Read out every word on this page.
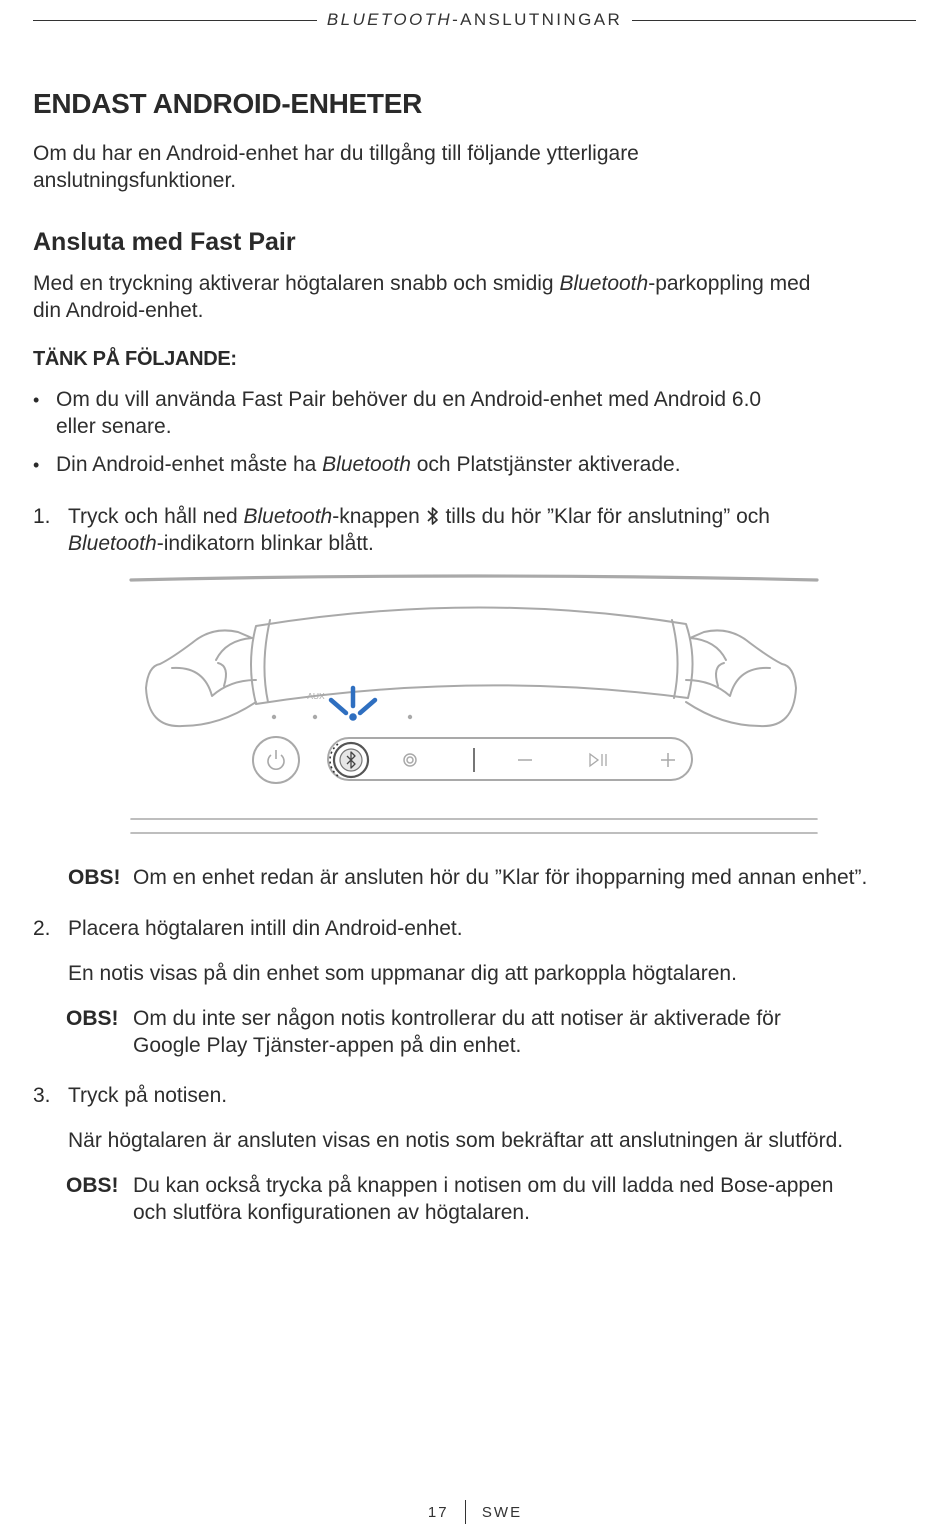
BLUETOOTH-ANSLUTNINGAR
ENDAST ANDROID-ENHETER
Om du har en Android-enhet har du tillgång till följande ytterligare
anslutningsfunktioner.
Ansluta med Fast Pair
Med en tryckning aktiverar högtalaren snabb och smidig Bluetooth-parkoppling med
din Android-enhet.
TÄNK PÅ FÖLJANDE:
• Om du vill använda Fast Pair behöver du en Android-enhet med Android 6.0
eller senare.
• Din Android-enhet måste ha Bluetooth och Platstjänster aktiverade.
1. Tryck och håll ned Bluetooth-knappen  tills du hör ”Klar för anslutning” och
Bluetooth-indikatorn blinkar blått.
AUX
OBS! Om en enhet redan är ansluten hör du ”Klar för ihopparning med annan enhet”.
2. Placera högtalaren intill din Android-enhet.
En notis visas på din enhet som uppmanar dig att parkoppla högtalaren.
OBS! Om du inte ser någon notis kontrollerar du att notiser är aktiverade för
Google Play Tjänster-appen på din enhet.
3. Tryck på notisen.
När högtalaren är ansluten visas en notis som bekräftar att anslutningen är slutförd.
OBS! Du kan också trycka på knappen i notisen om du vill ladda ned Bose-appen
och slutföra konfigurationen av högtalaren.
17 SWE
